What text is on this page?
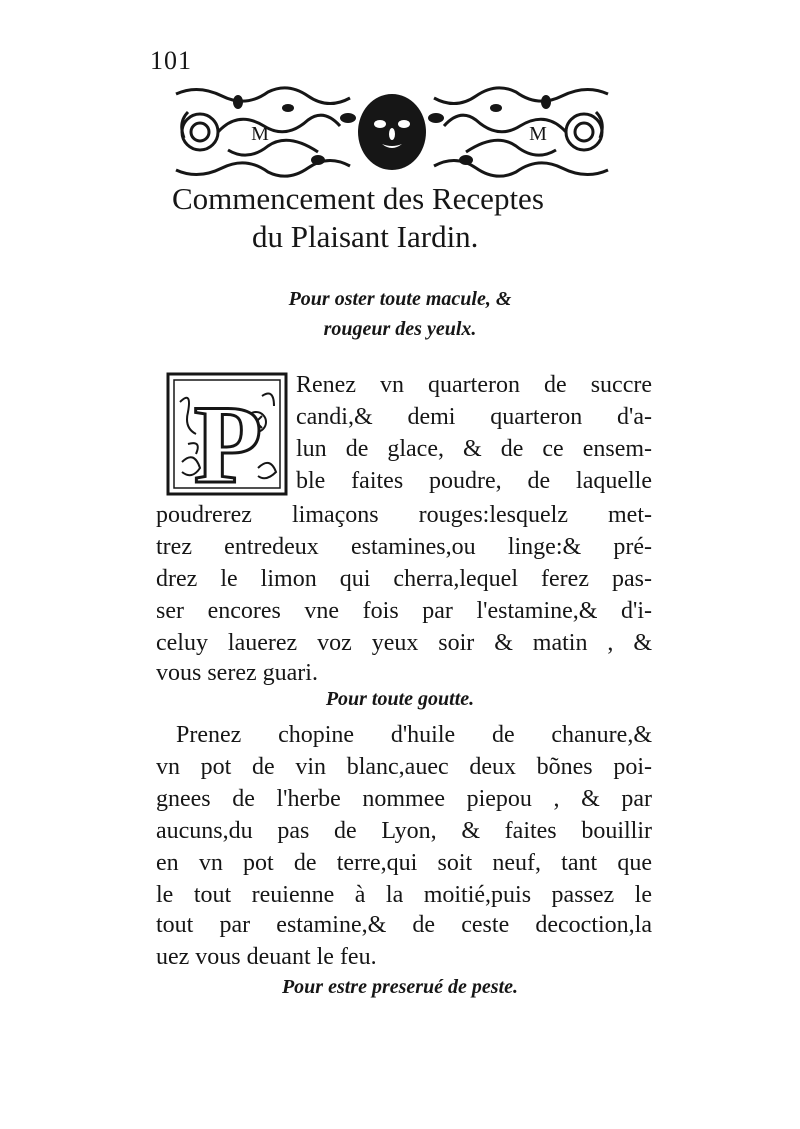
101
M	M
Commencement des Receptes
du Plaisant Iardin.
Pour oster toute macule, &
rougeur des yeulx.
P Renez vn quarteron de succre
candi,& demi quarteron d'a-
lun de glace, & de ce ensem-
ble faites poudre, de laquelle
poudrerez limaçons rouges:lesquelz met-
trez entredeux estamines,ou linge:& pré-
drez le limon qui cherra,lequel ferez pas-
ser encores vne fois par l'estamine,& d'i-
celuy lauerez voz yeux soir & matin , &
vous serez guari.
Pour toute goutte.
Prenez chopine d'huile de chanure,&
vn pot de vin blanc,auec deux bõnes poi-
gnees de l'herbe nommee piepou , & par
aucuns,du pas de Lyon, & faites bouillir
en vn pot de terre,qui soit neuf, tant que
le tout reuienne à la moitié,puis passez le
tout par estamine,& de ceste decoction,la
uez vous deuant le feu.
Pour estre preserué de peste.
